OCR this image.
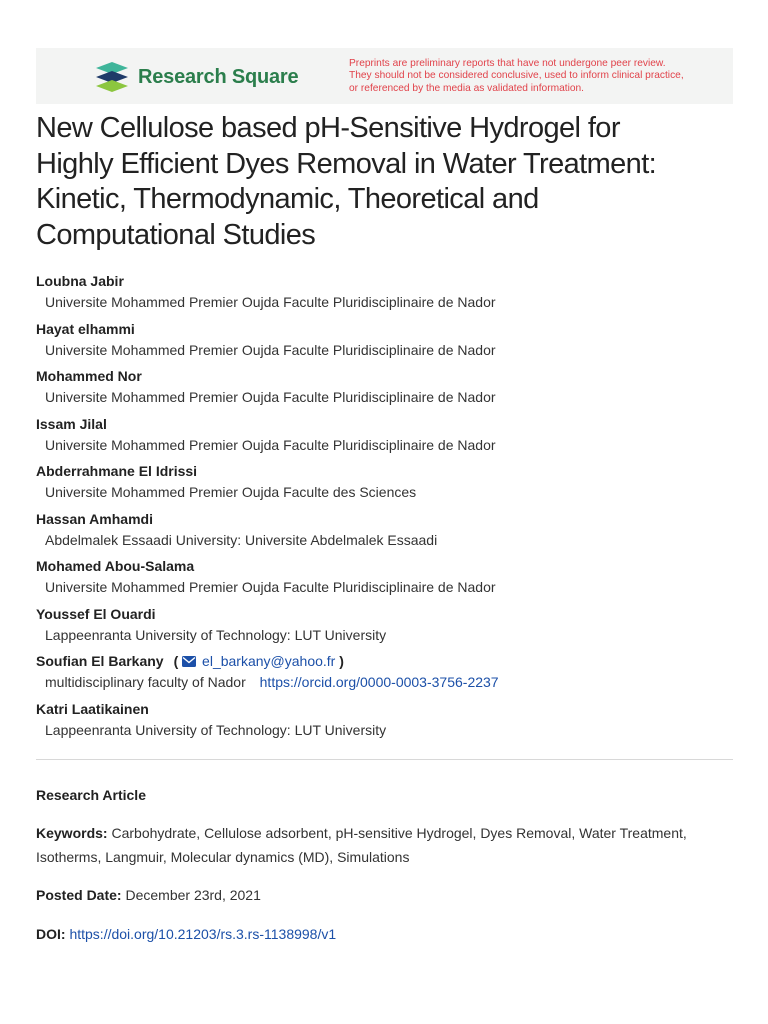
Research Square
Preprints are preliminary reports that have not undergone peer review.
They should not be considered conclusive, used to inform clinical practice,
or referenced by the media as validated information.
New Cellulose based pH-Sensitive Hydrogel for
Highly Efficient Dyes Removal in Water Treatment:
Kinetic, Thermodynamic, Theoretical and
Computational Studies
Loubna Jabir
Universite Mohammed Premier Oujda Faculte Pluridisciplinaire de Nador
Hayat elhammi
Universite Mohammed Premier Oujda Faculte Pluridisciplinaire de Nador
Mohammed Nor
Universite Mohammed Premier Oujda Faculte Pluridisciplinaire de Nador
Issam Jilal
Universite Mohammed Premier Oujda Faculte Pluridisciplinaire de Nador
Abderrahmane El Idrissi
Universite Mohammed Premier Oujda Faculte des Sciences
Hassan Amhamdi
Abdelmalek Essaadi University: Universite Abdelmalek Essaadi
Mohamed Abou-Salama
Universite Mohammed Premier Oujda Faculte Pluridisciplinaire de Nador
Youssef El Ouardi
Lappeenranta University of Technology: LUT University
Soufian El Barkany ( el_barkany@yahoo.fr )
multidisciplinary faculty of Nador https://orcid.org/0000-0003-3756-2237
Katri Laatikainen
Lappeenranta University of Technology: LUT University
Research Article
Keywords: Carbohydrate, Cellulose adsorbent, pH-sensitive Hydrogel, Dyes Removal, Water Treatment, Isotherms, Langmuir, Molecular dynamics (MD), Simulations
Posted Date: December 23rd, 2021
DOI: https://doi.org/10.21203/rs.3.rs-1138998/v1
